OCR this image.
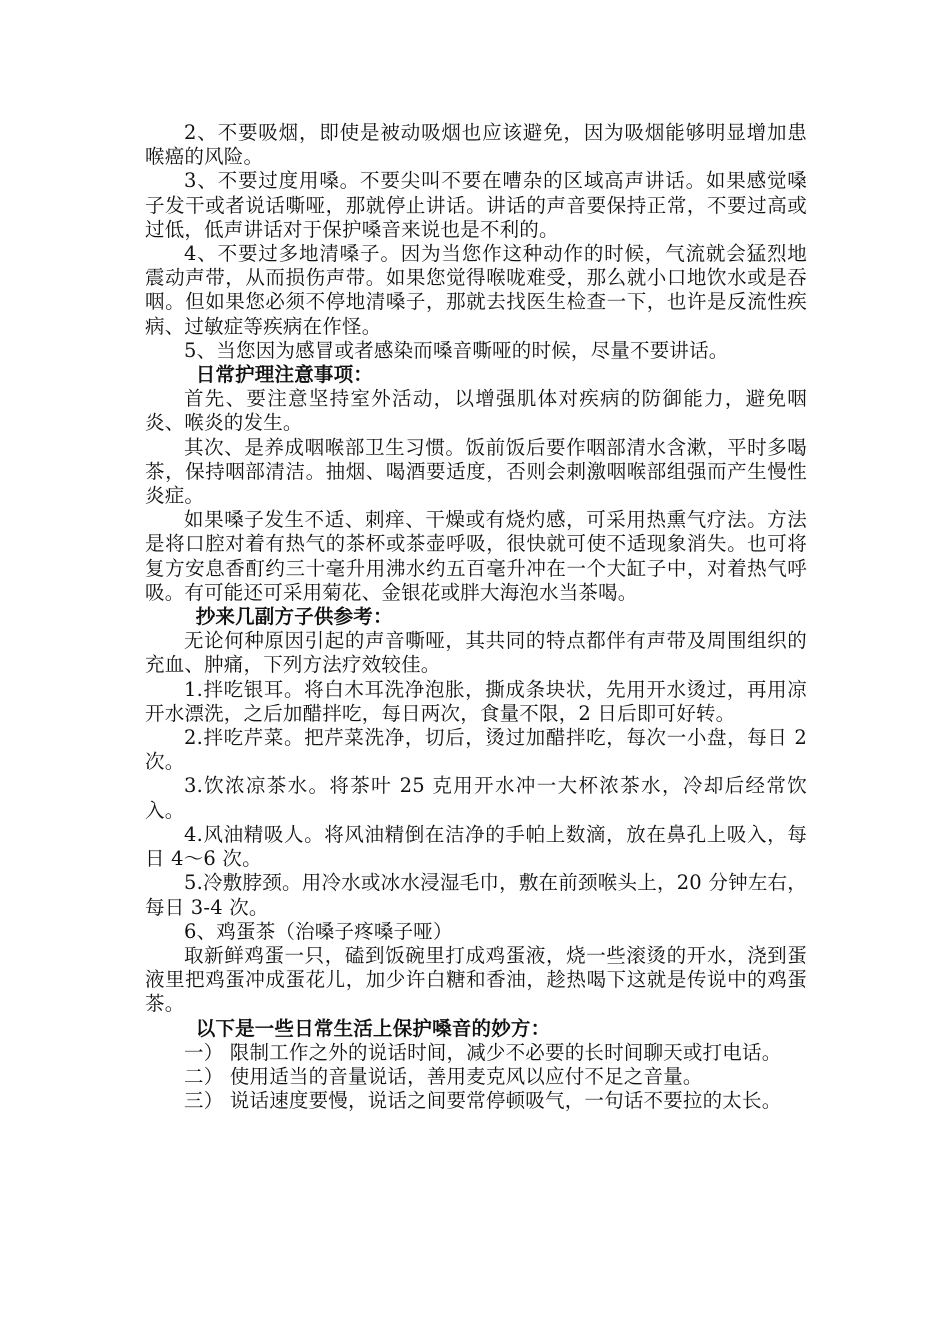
2、不要吸烟，即使是被动吸烟也应该避免，因为吸烟能够明显增加患喉癌的风险。

3、不要过度用嗓。不要尖叫不要在嘈杂的区域高声讲话。如果感觉嗓子发干或者说话嘶哑，那就停止讲话。讲话的声音要保持正常，不要过高或过低，低声讲话对于保护嗓音来说也是不利的。

4、不要过多地清嗓子。因为当您作这种动作的时候，气流就会猛烈地震动声带，从而损伤声带。如果您觉得喉咙难受，那么就小口地饮水或是吞咽。但如果您必须不停地清嗓子，那就去找医生检查一下，也许是反流性疾病、过敏症等疾病在作怪。

5、当您因为感冒或者感染而嗓音嘶哑的时候，尽量不要讲话。

日常护理注意事项：

首先、要注意坚持室外活动，以增强肌体对疾病的防御能力，避免咽炎、喉炎的发生。

其次、是养成咽喉部卫生习惯。饭前饭后要作咽部清水含漱，平时多喝茶，保持咽部清洁。抽烟、喝酒要适度，否则会刺激咽喉部组强而产生慢性炎症。

如果嗓子发生不适、刺痒、干燥或有烧灼感，可采用热熏气疗法。方法是将口腔对着有热气的茶杯或茶壶呼吸，很快就可使不适现象消失。也可将复方安息香酊约三十毫升用沸水约五百毫升冲在一个大缸子中，对着热气呼吸。有可能还可采用菊花、金银花或胖大海泡水当茶喝。

抄来几副方子供参考：

无论何种原因引起的声音嘶哑，其共同的特点都伴有声带及周围组织的充血、肿痛，下列方法疗效较佳。

1.拌吃银耳。将白木耳洗净泡胀，撕成条块状，先用开水烫过，再用凉开水漂洗，之后加醋拌吃，每日两次，食量不限，2 日后即可好转。

2.拌吃芹菜。把芹菜洗净，切后，烫过加醋拌吃，每次一小盘，每日 2 次。

3.饮浓凉茶水。将茶叶 25 克用开水冲一大杯浓茶水，冷却后经常饮入。

4.风油精吸人。将风油精倒在洁净的手帕上数滴，放在鼻孔上吸入，每日 4～6 次。

5.冷敷脖颈。用冷水或冰水浸湿毛巾，敷在前颈喉头上，20 分钟左右，每日 3-4 次。

6、鸡蛋茶（治嗓子疼嗓子哑）

取新鲜鸡蛋一只，磕到饭碗里打成鸡蛋液，烧一些滚烫的开水，浇到蛋液里把鸡蛋冲成蛋花儿，加少许白糖和香油，趁热喝下这就是传说中的鸡蛋茶。

以下是一些日常生活上保护嗓音的妙方：

一） 限制工作之外的说话时间，减少不必要的长时间聊天或打电话。

二） 使用适当的音量说话，善用麦克风以应付不足之音量。

三） 说话速度要慢，说话之间要常停顿吸气，一句话不要拉的太长。
